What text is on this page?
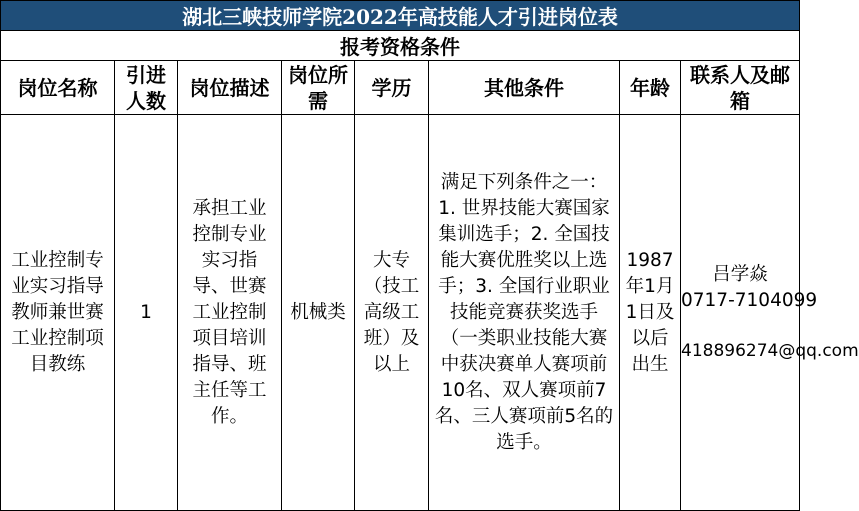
湖北三峡技师学院2022年高技能人才引进岗位表							
报考资格条件							

岗位名称	引进人数	岗位描述	岗位所需	学历	其他条件	年龄	联系人及邮箱

工业控制专业实习指导教师兼世赛工业控制项目教练	1	承担工业控制专业实习指导、世赛工业控制项目培训指导、班主任等工作。	机械类	大专（技工高级工班）及以上	满足下列条件之一：1. 世界技能大赛国家集训选手；2. 全国技能大赛优胜奖以上选手；3. 全国行业职业技能竞赛获奖选手（一类职业技能大赛中获决赛单人赛项前10名、双人赛项前7名、三人赛项前5名的选手。	1987年1月1日及以后出生	吕学焱
0717-7104099
418896274@qq.com
